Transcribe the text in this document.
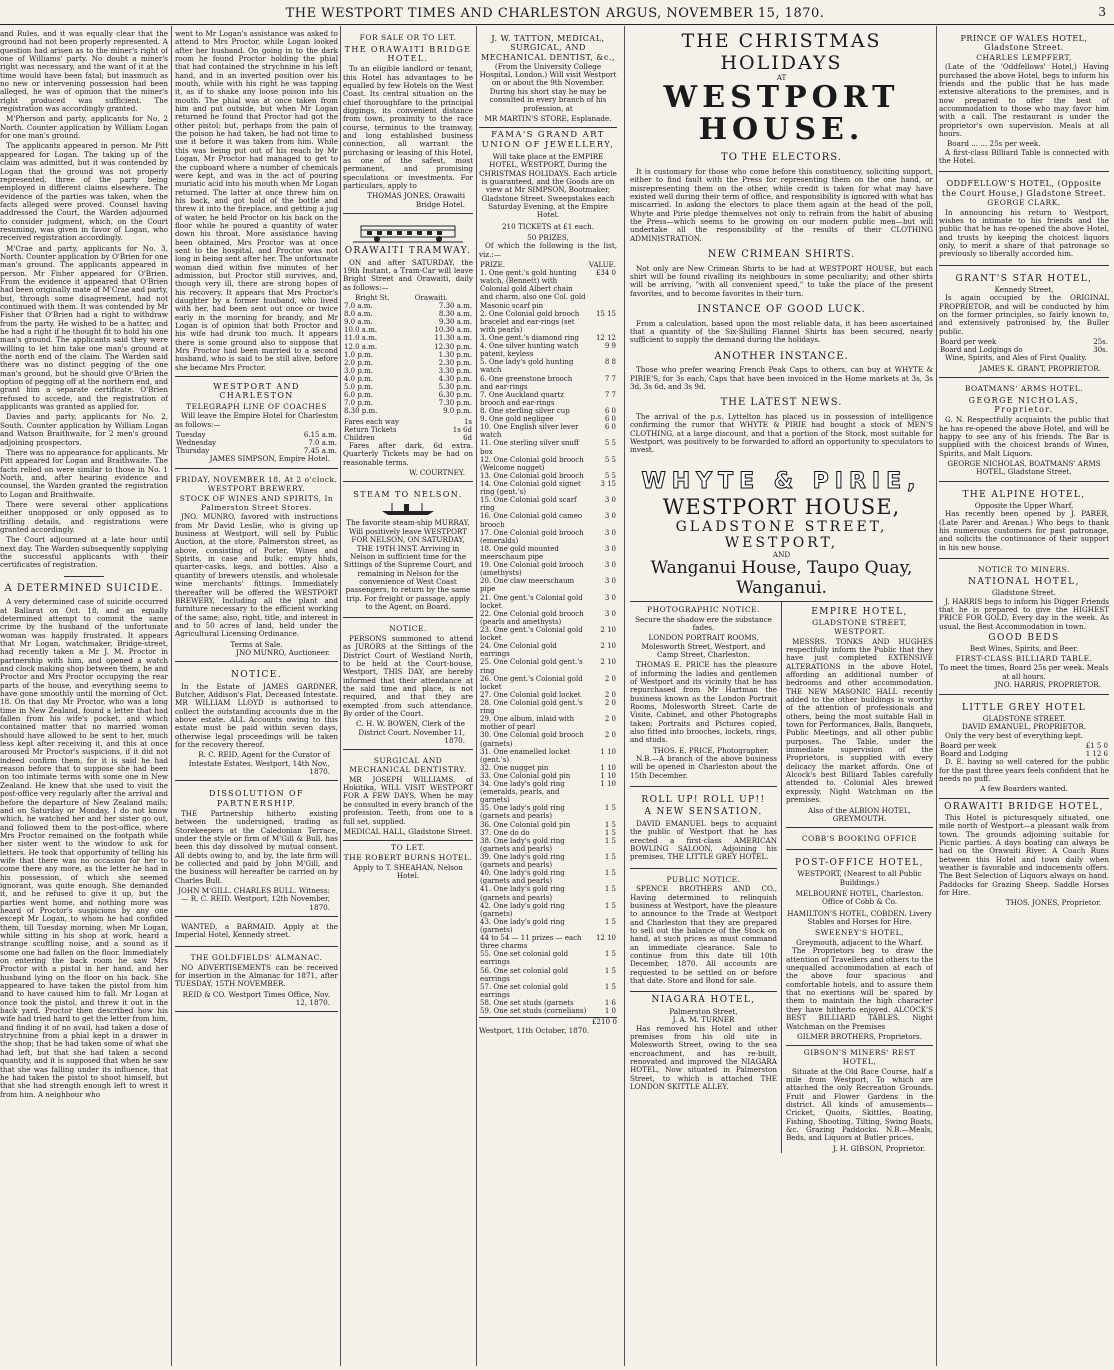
THE WESTPORT TIMES AND CHARLESTON ARGUS, NOVEMBER 15, 1870.	3

and Rules, and it was equally clear that the ground had not been properly represented. A question had arisen as to the miner's right of one of Williams' party. No doubt a miner's right was necessary, and the want of it at the time would have been fatal; but inasmuch as no new or intervening possession had been alleged, he was of opinion that the miner's right produced was sufficient. The registration was accordingly granted.

M'Pherson and party, applicants for No. 2 North. Counter application by William Logan for one man's ground.

The applicants appeared in person. Mr Pitt appeared for Logan. The taking up of the claim was admitted, but it was contended by Logan that the ground was not properly represented, three of the party being employed in different claims elsewhere. The evidence of the parties was taken, when the facts alleged were proved. Counsel having addressed the Court, the Warden adjourned to consider judgment, which, on the Court resuming, was given in favor of Logan, who received registration accordingly.

M'Crae and party, applicants for No. 3, North. Counter application by O'Brien for one man's ground. The applicants appeared in person. Mr Fisher appeared for O'Brien. From the evidence it appeared that O'Brien had been originally mate of M'Crae and party, but, through some disagreement, had not continued with them. It was contended by Mr Fisher that O'Brien had a right to withdraw from the party. He wished to be a hatter, and he had a right if he thought fit to hold his one man's ground. The applicants said they were willing to let him take one man's ground at the north end of the claim. The Warden said there was no distinct pegging of the one man's ground, but he should give O'Brien the option of pegging off at the northern end, and grant him a separate certificate. O'Brien refused to accede, and the registration of applicants was granted as applied for.

Davies and party, applicants for No. 2, South. Counter application by William Logan and Watson Braithwaite, for 2 men's ground adjoining prospectors.

There was no appearance for applicants. Mr Pitt appeared for Logan and Braithwaite. The facts relied on were similar to those in No. 1 North, and, after hearing evidence and counsel, the Warden granted the registration to Logan and Braithwaite.

There were several other applications either unopposed or only opposed as to trifling details, and registrations were granted accordingly.

The Court adjourned at a late hour until next day. The Warden subsequently supplying the successful applicants with their certificates of registration.

A DETERMINED SUICIDE.

A very determined case of suicide occurred at Ballarat on Oct. 18, and an equally determined attempt to commit the same crime by the husband of the unfortunate woman was happily frustrated. It appears that Mr Logan, watchmaker, Bridge-street, had recently taken a Mr J. M. Proctor in partnership with him, and opened a watch and clock making shop between them, he and Proctor and Mrs Proctor occupying the rear parts of the house, and everything seems to have gone smoothly until the morning of Oct. 18. On that day Mr Proctor, who was a long time in New Zealand, found a letter that had fallen from his wife's pocket, and which contained matter that no married woman should have allowed to be sent to her, much less kept after receiving it, and this at once aroused Mr Proctor's suspicions, if it did not indeed confirm them, for it is said he had reason before that to suppose she had been on too intimate terms with some one in New Zealand. He knew that she used to visit the post-office very regularly after the arrival and before the departure of New Zealand mails; and on Saturday or Monday, I do not know which, he watched her and her sister go out, and followed them to the post-office, where Mrs Proctor remained on the footpath while her sister went to the window to ask for letters. He took that opportunity of telling his wife that there was no occasion for her to come there any more, as the letter he had in his possession, of which she seemed ignorant, was quite enough. She demanded it, and he refused to give it up, but the parties went home, and nothing more was heard of Proctor's suspicions by any one except Mr Logan, to whom he had confided them, till Tuesday morning, when Mr Logan, while sitting in his shop at work, heard a strange scuffling noise, and a sound as if some one had fallen on the floor. Immediately on entering the back room he saw Mrs Proctor with a pistol in her hand, and her husband lying on the floor on his back. She appeared to have taken the pistol from him and to have caused him to fall. Mr Logan at once took the pistol, and threw it out in the back yard. Proctor then described how his wife had tried hard to get the letter from him, and finding it of no avail, had taken a dose of strychnine from a phial kept in a drawer in the shop; that he had taken some of what she had left, but that she had taken a second quantity, and it is supposed that when he saw that she was falling under its influence, that he had taken the pistol to shoot himself, but that she had strength enough left to wrest it from him. A neighbour who

went to Mr Logan's assistance was asked to attend to Mrs Proctor, while Logan looked after her husband. On going in to the dark room he found Proctor holding the phial that had contained the strychnine in his left hand, and in an inverted position over his mouth, while with his right he was tapping it, as if to shake any loose poison into his mouth. The phial was at once taken from him and put outside, but when Mr Logan returned he found that Proctor had got the other pistol; but, perhaps from the pain of the poison he had taken, he had not time to use it before it was taken from him. While this was being put out of his reach by Mr Logan, Mr Proctor had managed to get to the cupboard where a number of chemicals were kept, and was in the act of pouring muriatic acid into his mouth when Mr Logan returned. The latter at once threw him on his back, and got hold of the bottle and threw it into the fireplace, and getting a jug of water, he held Proctor on his back on the floor while he poured a quantity of water down his throat. More assistance having been obtained, Mrs Proctor was at once sent to the hospital, and Proctor was not long in being sent after her. The unfortunate woman died within five minutes of her admission, but Proctor still survives, and, though very ill, there are strong hopes of his recovery. It appears that Mrs Proctor's daughter by a former husband, who lived with her, had been sent out once or twice early in the morning for brandy, and Mr Logan is of opinion that both Proctor and his wife had drunk too much. It appears there is some ground also to suppose that Mrs Proctor had been married to a second husband, who is said to be still alive, before she became Mrs Proctor.

WESTPORT AND CHARLESTON
TELEGRAPH LINE OF COACHES

Will leave the Empire Hotel for Charleston as follows:—

Tuesday	6.15 a.m.
Wednesday	7.0 a.m.
Thursday	7.45 a.m.
JAMES SIMPSON, Empire Hotel.
FRIDAY, NOVEMBER 18, At 2 o'clock.
WESTPORT BREWERY.
STOCK OF WINES AND SPIRITS, In Palmerston Street Stores.

JNO. MUNRO, favored with instructions from Mr David Leslie, who is giving up business at Westport, will sell by Public Auction, at the store, Palmerston street, as above, consisting of Porter, Wines and Spirits, in case and bulk; empty hhds, quarter-casks, kegs, and bottles. Also a quantity of brewers utensils, and wholesale wine merchants' fittings. Immediately thereafter will be offered the WESTPORT BREWERY, Including all the plant and furniture necessary to the efficient working of the same; also, right, title, and interest in and to 50 acres of land, held under the Agricultural Licensing Ordinance.

Terms at Sale.
JNO MUNRO, Auctioneer.
NOTICE.

In the Estate of JAMES GARDNER, Butcher, Addison's Flat, Deceased Intestate. MR WILLIAM LLOYD is authorised to collect the outstanding accounts due in the above estate. ALL Accounts owing to this estate must be paid within seven days, otherwise legal proceedings will be taken for the recovery thereof.

R. C. REID, Agent for the Curator of Intestate Estates. Westport, 14th Nov., 1870.
DISSOLUTION OF PARTNERSHIP.

THE Partnership hitherto existing between the undersigned, trading as Storekeepers at the Caledonian Terrace, under the style or firm of M'Gill & Bull, has been this day dissolved by mutual consent. All debts owing to, and by, the late firm will be collected and paid by John M'Gill, and the business will hereafter be carried on by Charles Bull.

JOHN M'GILL. CHARLES BULL. Witness:— R. C. REID. Westport, 12th November, 1870.

WANTED, a BARMAID. Apply at the Imperial Hotel, Kennedy street.

THE GOLDFIELDS' ALMANAC.

NO ADVERTISEMENTS can be received for insertion in the Almanac for 1871, after TUESDAY, 15TH NOVEMBER.

REID & CO. Westport Times Office, Nov. 12, 1870.
FOR SALE OR TO LET.
THE ORAWAITI BRIDGE HOTEL.

To an eligible landlord or tenant, this Hotel has advantages to be equalled by few Hotels on the West Coast. Its central situation on the chief thoroughfare to the principal diggings, its convenient distance from town, proximity to the race course, terminus to the tramway, and long established business connection, all warrant the purchasing or leasing of this Hotel, as one of the safest, most permanent, and promising speculations or investments. For particulars, apply to

THOMAS JONES, Orawaiti Bridge Hotel.
ORAWAITI TRAMWAY.

ON and after SATURDAY, the 19th Instant, a Tram-Car will leave Bright Street and Orawaiti, daily as follows:—

Bright St.	Orawaiti.
7.0 a.m.	7.30 a.m.
8.0 a.m.	8.30 a.m.
9.0 a.m.	9.30 a.m.
10.0 a.m.	10.30 a.m.
11.0 a.m.	11.30 a.m.
12.0 a.m.	12.30 p.m.
1.0 p.m.	1.30 p.m.
2.0 p.m.	2.30 p.m.
3.0 p.m.	3.30 p.m.
4.0 p.m.	4.30 p.m.
5.0 p.m.	5.30 p.m.
6.0 p.m.	6.30 p.m.
7.0 p.m.	7.30 p.m.
8.30 p.m.	9.0 p.m.
Fares each way	1s
Return Tickets	1s 6d
Children	6d

Fares after dark, 6d extra. Quarterly Tickets may be had on reasonable terms.

W. COURTNEY.
STEAM TO NELSON.

The favorite steam-ship MURRAY, Will positively leave WESTPORT FOR NELSON, ON SATURDAY, THE 19TH INST. Arriving in Nelson in sufficient time for the Sittings of the Supreme Court, and remaining in Nelson for the convenience of West Coast passengers, to return by the same trip. For freight or passage, apply to the Agent, on Board.

NOTICE.

PERSONS summoned to attend as JURORS at the Sittings of the District Court of Westland North, to be held at the Court-house, Westport, THIS DAY, are hereby informed that their attendance at the said time and place, is not required, and that they are exempted from such attendance. By order of the Court.

C. H. W. BOWEN, Clerk of the District Court. November 11, 1870.
SURGICAL AND MECHANICAL DENTISTRY.

MR JOSEPH WILLIAMS, of Hokitika, WILL VISIT WESTPORT FOR A FEW DAYS, When he may be consulted in every branch of the profession. Teeth, from one to a full set, supplied.

MEDICAL HALL, Gladstone Street.
TO LET.
THE ROBERT BURNS HOTEL.
Apply to T. SHEAHAN, Nelson Hotel.
J. W. TATTON, MEDICAL, SURGICAL, AND MECHANICAL DENTIST, &c.,

(From the University College Hospital, London.) Will visit Westport on or about the 9th November. During his short stay he may be consulted in every branch of his profession, at

MR MARTIN'S STORE, Esplanade.
FAMA'S GRAND ART UNION OF JEWELLERY,

Will take place at the EMPIRE HOTEL, WESTPORT, During the CHRISTMAS HOLIDAYS. Each article is guaranteed, and the Goods are on view at Mr SIMPSON, Bootmaker, Gladstone Street. Sweepstakes each Saturday Evening, at the Empire Hotel.

210 TICKETS at £1 each.
50 PRIZES,

Of which the following is the list, viz.:—

PRIZE.	VALUE.
1. One gent.'s gold hunting watch, (Bennett) with Colonial gold Albert chain and charm, also one Col. gold Masonic scarf pin	£34 0
2. One Colonial gold brooch bracelet and ear-rings (set with pearls)	15 15
3. One gent.'s diamond ring	12 12
4. One silver hunting watch patent, keyless	9 9
5. One lady's gold hunting watch	8 8
6. One greenstone brooch and ear-rings	7 7
7. One Auckland quartz brooch and ear-rings	7 7
8. One sterling silver cup	6 0
9. One gold negligee	6 0
10. One English silver lever watch	6 0
11. One sterling silver snuff box	5 5
12. One Colonial gold brooch (Welcome nugget)	5 5
13. One Colonial gold brooch	5 5
14. One Colonial gold signet ring (gent.'s)	3 15
15. One Colonial gold scarf ring	3 0
16. One Colonial gold cameo brooch	3 0
17. One Colonial gold brooch (emeralds)	3 0
18. One gold mounted meerschaum pipe	3 0
19. One Colonial gold brooch (amethysts)	3 0
20. One claw meerschaum pipe	3 0
21. One gent.'s Colonial gold locket	3 0
22. One Colonial gold brooch (pearls and amethysts)	3 0
23. One gent.'s Colonial gold locket	2 10
24. One Colonial gold earrings	2 10
25. One Colonial gold gent.'s ring	2 10
26. One gent.'s Colonial gold locket	2 0
27. One Colonial gold locket	2 0
28. One Colonial gold gent.'s ring	2 0
29. One album, inlaid with mother of pearl	2 0
30. One Colonial gold brooch (garnets)	2 0
31. One enamelled locket (gent.'s)	1 10
32. One nugget pin	1 10
33. One Colonial gold pin	1 10
34. One lady's gold ring (emeralds, pearls, and garnets)	1 10
35. One lady's gold ring (garnets and pearls)	1 5
36. One Colonial gold pin	1 5
37. One do do	1 5
38. One lady's gold ring (garnets and pearls)	1 5
39. One lady's gold ring (garnets and pearls)	1 5
40. One lady's gold ring (garnets and pearls)	1 5
41. One lady's gold ring (garnets and pearls)	1 5
42. One lady's gold ring (garnets)	1 5
43. One lady's gold ring (garnets)	1 5
44 to 54 — 11 prizes — each three charms	12 10
55. One set colonial gold earrings	1 5
56. One set colonial gold earrings	1 5
57. One set colonial gold earrings	1 5
58. One set studs (garnets	1 6
59. One set studs (cornelians)	1 0
£210 0
Westport, 11th October, 1870.
THE CHRISTMAS HOLIDAYS
AT
WESTPORT HOUSE.
TO THE ELECTORS.

It is customary for those who come before this constituency, soliciting support, either to find fault with the Press for representing them on the one hand, or misrepresenting them on the other, while credit is taken for what may have existed well during their term of office, and responsibility is ignored with what has miscarried. In asking the electors to place them again at the head of the poll, Whyte and Pirie pledge themselves not only to refrain from the habit of abusing the Press—which seems to be growing on our modern public men—but will undertake all the responsibility of the results of their CLOTHING ADMINISTRATION.

NEW CRIMEAN SHIRTS.

Not only are New Crimean Shirts to be had at WESTPORT HOUSE, but each shirt will be found rivalling its neighbours in some peculiarity; and other shirts will be arriving, "with all convenient speed," to take the place of the present favorites, and to become favorites in their turn.

INSTANCE OF GOOD LUCK.

From a calculation, based upon the most reliable data, it has been ascertained that a quantity of the Six-Shilling Flannel Shirts has been secured, nearly sufficient to supply the demand during the holidays.

ANOTHER INSTANCE.

Those who prefer wearing French Peak Caps to others, can buy at WHYTE & PIRIE'S, for 3s each, Caps that have been invoiced in the Home markets at 3s, 3s 3d, 3s 6d, and 3s 9d.

THE LATEST NEWS.

The arrival of the p.s. Lyttelton has placed us in possession of intelligence confirming the rumor that WHYTE & PIRIE had bought a stock of MEN'S CLOTHING, at a large discount, and that a portion of the Stock, most suitable for Westport, was positively to be forwarded to afford an opportunity to speculators to invest.

WHYTE & PIRIE,
WESTPORT HOUSE,
GLADSTONE STREET, WESTPORT,
AND
Wanganui House, Taupo Quay, Wanganui.
PHOTOGRAPHIC NOTICE.

Secure the shadow ere the substance fades.

LONDON PORTRAIT ROOMS, Molesworth Street, Westport, and Camp Street, Charleston.

THOMAS E. PRICE has the pleasure of informing the ladies and gentlemen of Westport and its vicinity that he has repurchased from Mr Hartman the business known as the London Portrait Rooms, Molesworth Street. Carte de Visite, Cabinet, and other Photographs taken; Portraits and Pictures copied, also fitted into brooches, lockets, rings, and studs.

THOS. E. PRICE, Photographer.

N.B.—A branch of the above business will be opened in Charleston about the 15th December.

ROLL UP! ROLL UP!!
A NEW SENSATION.

DAVID EMANUEL begs to acquaint the public of Westport that he has erected a first-class AMERICAN BOWLING SALOON, Adjoining his premises, THE LITTLE GREY HOTEL.

PUBLIC NOTICE.

SPENCE BROTHERS AND CO., Having determined to relinquish business at Westport, have the pleasure to announce to the Trade at Westport and Charleston that they are prepared to sell out the balance of the Stock on hand, at such prices as must command an immediate clearance. Sale to continue from this date till 10th December, 1870. All accounts are requested to be settled on or before that date. Store and Bond for sale.

NIAGARA HOTEL,
Palmerston Street,
J. A. M. TURNER

Has removed his Hotel and other premises from his old site in Molesworth Street, owing to the sea encroachment, and has re-built, renovated and improved the NIAGARA HOTEL, Now situated in Palmerston Street, to which is attached THE LONDON SKITTLE ALLEY.

EMPIRE HOTEL,
GLADSTONE STREET, WESTPORT.

MESSRS. TONKS AND HUGHES respectfully inform the Public that they have just completed EXTENSIVE ALTERATIONS in the above Hotel, affording an additional number of bedrooms and other accommodation. THE NEW MASONIC HALL recently added to the other buildings is worthy of the attention of professionals and others, being the most suitable Hall in town for Performances, Balls, Banquets, Public Meetings, and all other public purposes. The Table, under the immediate supervision of the Proprietors, is supplied with every delicacy the market affords. One of Alcock's best Billiard Tables carefully attended to. Colonial Ales brewed expressly. Night Watchman on the premises.

Also of the ALBION HOTEL, GREYMOUTH.
COBB'S BOOKING OFFICE
POST-OFFICE HOTEL,
WESTPORT, (Nearest to all Public Buildings.)
MELBOURNE HOTEL, Charleston. Office of Cobb & Co.
HAMILTON'S HOTEL, COBDEN. Livery Stables and Horses for Hire.
SWEENEY'S HOTEL,
Greymouth, adjacent to the Wharf.

The Proprietors beg to draw the attention of Travellers and others to the unequalled accommodation at each of the above four spacious and comfortable hotels, and to assure them that no exertions will be spared by them to maintain the high character they have hitherto enjoyed. ALCOCK'S BEST BILLIARD TABLES. Night Watchman on the Premises

GILMER BROTHERS, Proprietors.
GIBSON'S MINERS' REST HOTEL,

Situate at the Old Race Course, half a mile from Westport, To which are attached the only Recreation Grounds. Fruit and Flower Gardens in the district. All kinds of amusements—Cricket, Quoits, Skittles, Boating, Fishing, Shooting, Tilting, Swing Boats, &c. Grazing Paddocks. N.B.—Meals, Beds, and Liquors at Butler prices.

J. H. GIBSON, Proprietor.
PRINCE OF WALES HOTEL, Gladstone Street.
CHARLES LEMPFERT,

(Late of the 'Oddfellows' Hotel,) Having purchased the above Hotel, begs to inform his friends and the public that he has made extensive alterations to the premises, and is now prepared to offer the best of accommodation to those who may favor him with a call. The restaurant is under the proprietor's own supervision. Meals at all hours.

Board ... ... 25s per week.

A first-class Billiard Table is connected with the Hotel.

ODDFELLOW'S HOTEL, (Opposite the Court House,) Gladstone Street.
GEORGE CLARK,

In announcing his return to Westport, wishes to intimate to his friends and the public that he has re-opened the above Hotel, and trusts by keeping the choicest liquors only, to merit a share of that patronage so previously so liberally accorded him.

GRANT'S STAR HOTEL,
Kennedy Street,

Is again occupied by the ORIGINAL PROPRIETOR, and will be conducted by him on the former principles, so fairly known to, and extensively patronised by, the Buller public.

Board per week	25s.
Board and Lodgings do	30s.

Wine, Spirits, and Ales of First Quality.

JAMES K. GRANT, PROPRIETOR.
BOATMANS' ARMS HOTEL.
GEORGE NICHOLAS, Proprietor.

G. N. Respectfully acquaints the public that he has re-opened the above Hotel, and will be happy to see any of his friends. The Bar is supplied with the choicest brands of Wines, Spirits, and Malt Liquors.

GEORGE NICHOLAS, BOATMANS' ARMS HOTEL, Gladstone Street.
THE ALPINE HOTEL,
Opposite the Upper Wharf,

Has recently been opened by J. PARER, (Late Parer and Arenas.) Who begs to thank his numerous customers for past patronage, and solicits the continuance of their support in his new house.

NOTICE TO MINERS.
NATIONAL HOTEL,
Gladstone Street.

J. HARRIS begs to inform his Digger Friends that he is prepared to give the HIGHEST PRICE FOR GOLD, Every day in the week. As usual, the Best Accommodation in town.

GOOD BEDS
Best Wines, Spirits, and Beer.
FIRST-CLASS BILLIARD TABLE.
To meet the times, Board 25s per week. Meals at all hours.
JNO. HARRIS, PROPRIETOR.
LITTLE GREY HOTEL
GLADSTONE STREET.
DAVID EMANUEL, PROPRIETOR.

Only the very best of everything kept.

Board per week	£1 5 0
Board and Lodging	1 12 6

D. E. having so well catered for the public for the past three years feels confident that he needs no puff.

A few Boarders wanted.
ORAWAITI BRIDGE HOTEL,

This Hotel is picturesquely situated, one mile north of Westport—a pleasant walk from town. The grounds adjoining suitable for Picnic parties. A days boating can always be had on the Orawaiti River. A Coach Runs between this Hotel and town daily when weather is favorable and inducements offers. The Best Selection of Liquors always on hand. Paddocks for Grazing Sheep. Saddle Horses for Hire.

THOS. JONES, Proprietor.
